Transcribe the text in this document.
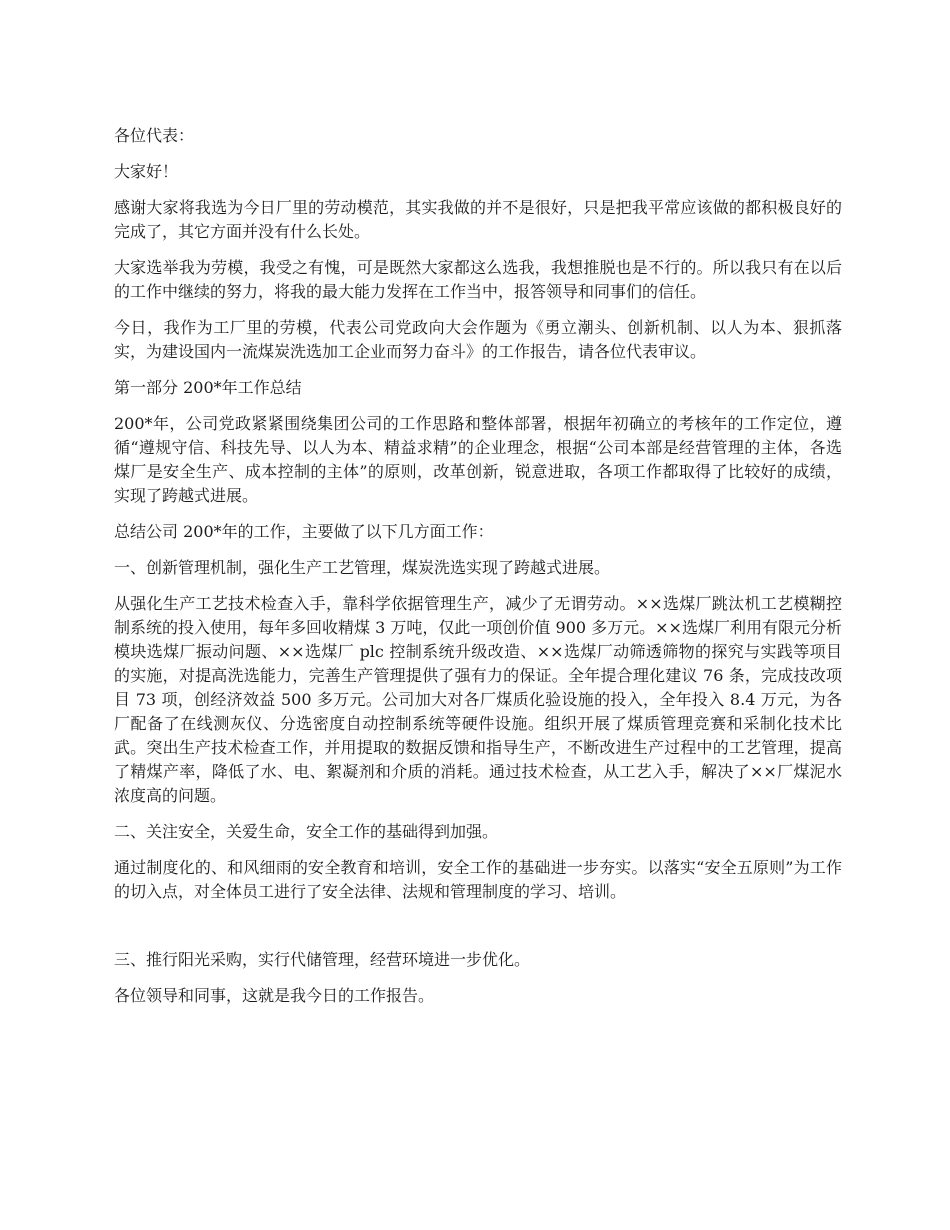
各位代表：

大家好！

感谢大家将我选为今日厂里的劳动模范，其实我做的并不是很好，只是把我平常应该做的都积极良好的完成了，其它方面并没有什么长处。

大家选举我为劳模，我受之有愧，可是既然大家都这么选我，我想推脱也是不行的。所以我只有在以后的工作中继续的努力，将我的最大能力发挥在工作当中，报答领导和同事们的信任。

今日，我作为工厂里的劳模，代表公司党政向大会作题为《勇立潮头、创新机制、以人为本、狠抓落实，为建设国内一流煤炭洗选加工企业而努力奋斗》的工作报告，请各位代表审议。

第一部分 200*年工作总结

200*年，公司党政紧紧围绕集团公司的工作思路和整体部署，根据年初确立的考核年的工作定位，遵循“遵规守信、科技先导、以人为本、精益求精”的企业理念，根据“公司本部是经营管理的主体，各选煤厂是安全生产、成本控制的主体”的原则，改革创新，锐意进取，各项工作都取得了比较好的成绩，实现了跨越式进展。

总结公司 200*年的工作，主要做了以下几方面工作：

一、创新管理机制，强化生产工艺管理，煤炭洗选实现了跨越式进展。

从强化生产工艺技术检查入手，靠科学依据管理生产，减少了无谓劳动。××选煤厂跳汰机工艺模糊控制系统的投入使用，每年多回收精煤 3 万吨，仅此一项创价值 900 多万元。××选煤厂利用有限元分析模块选煤厂振动问题、××选煤厂 plc 控制系统升级改造、××选煤厂动筛透筛物的探究与实践等项目的实施，对提高洗选能力，完善生产管理提供了强有力的保证。全年提合理化建议 76 条，完成技改项目 73 项，创经济效益 500 多万元。公司加大对各厂煤质化验设施的投入，全年投入 8.4 万元，为各厂配备了在线测灰仪、分选密度自动控制系统等硬件设施。组织开展了煤质管理竞赛和采制化技术比武。突出生产技术检查工作，并用提取的数据反馈和指导生产，不断改进生产过程中的工艺管理，提高了精煤产率，降低了水、电、絮凝剂和介质的消耗。通过技术检查，从工艺入手，解决了××厂煤泥水浓度高的问题。

二、关注安全，关爱生命，安全工作的基础得到加强。

通过制度化的、和风细雨的安全教育和培训，安全工作的基础进一步夯实。以落实“安全五原则”为工作的切入点，对全体员工进行了安全法律、法规和管理制度的学习、培训。

三、推行阳光采购，实行代储管理，经营环境进一步优化。

各位领导和同事，这就是我今日的工作报告。
